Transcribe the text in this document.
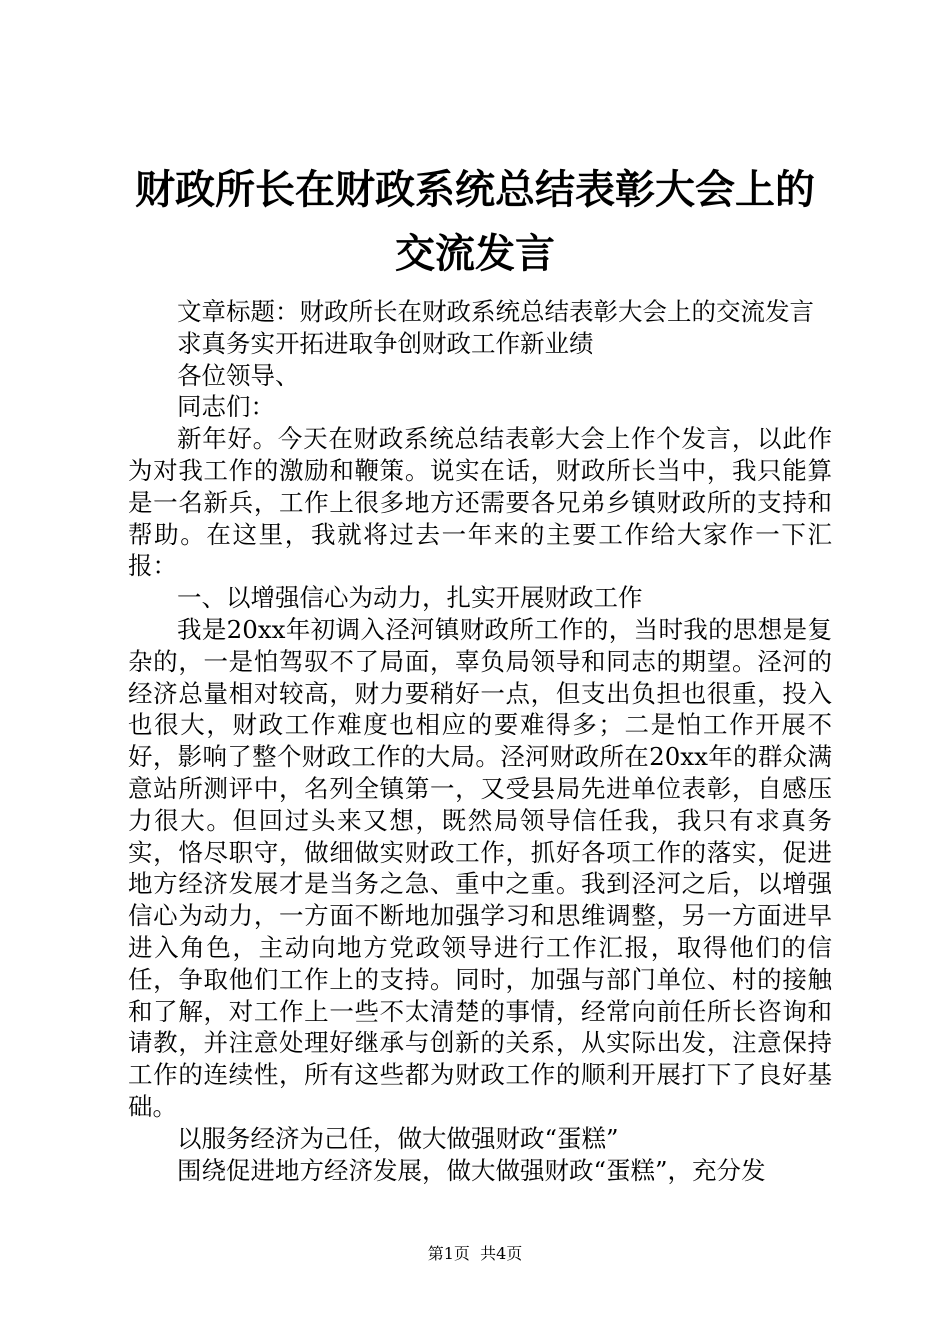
财政所长在财政系统总结表彰大会上的交流发言

文章标题：财政所长在财政系统总结表彰大会上的交流发言

求真务实开拓进取争创财政工作新业绩

各位领导、

同志们：

新年好。今天在财政系统总结表彰大会上作个发言，以此作为对我工作的激励和鞭策。说实在话，财政所长当中，我只能算是一名新兵，工作上很多地方还需要各兄弟乡镇财政所的支持和帮助。在这里，我就将过去一年来的主要工作给大家作一下汇报：

一、以增强信心为动力，扎实开展财政工作

我是20xx年初调入泾河镇财政所工作的，当时我的思想是复杂的，一是怕驾驭不了局面，辜负局领导和同志的期望。泾河的经济总量相对较高，财力要稍好一点，但支出负担也很重，投入也很大，财政工作难度也相应的要难得多；二是怕工作开展不好，影响了整个财政工作的大局。泾河财政所在20xx年的群众满意站所测评中，名列全镇第一，又受县局先进单位表彰，自感压力很大。但回过头来又想，既然局领导信任我，我只有求真务实，恪尽职守，做细做实财政工作，抓好各项工作的落实，促进地方经济发展才是当务之急、重中之重。我到泾河之后，以增强信心为动力，一方面不断地加强学习和思维调整，另一方面进早进入角色，主动向地方党政领导进行工作汇报，取得他们的信任，争取他们工作上的支持。同时，加强与部门单位、村的接触和了解，对工作上一些不太清楚的事情，经常向前任所长咨询和请教，并注意处理好继承与创新的关系，从实际出发，注意保持工作的连续性，所有这些都为财政工作的顺利开展打下了良好基础。

以服务经济为己任，做大做强财政“蛋糕”

围绕促进地方经济发展，做大做强财政“蛋糕”，充分发

第1页  共4页
